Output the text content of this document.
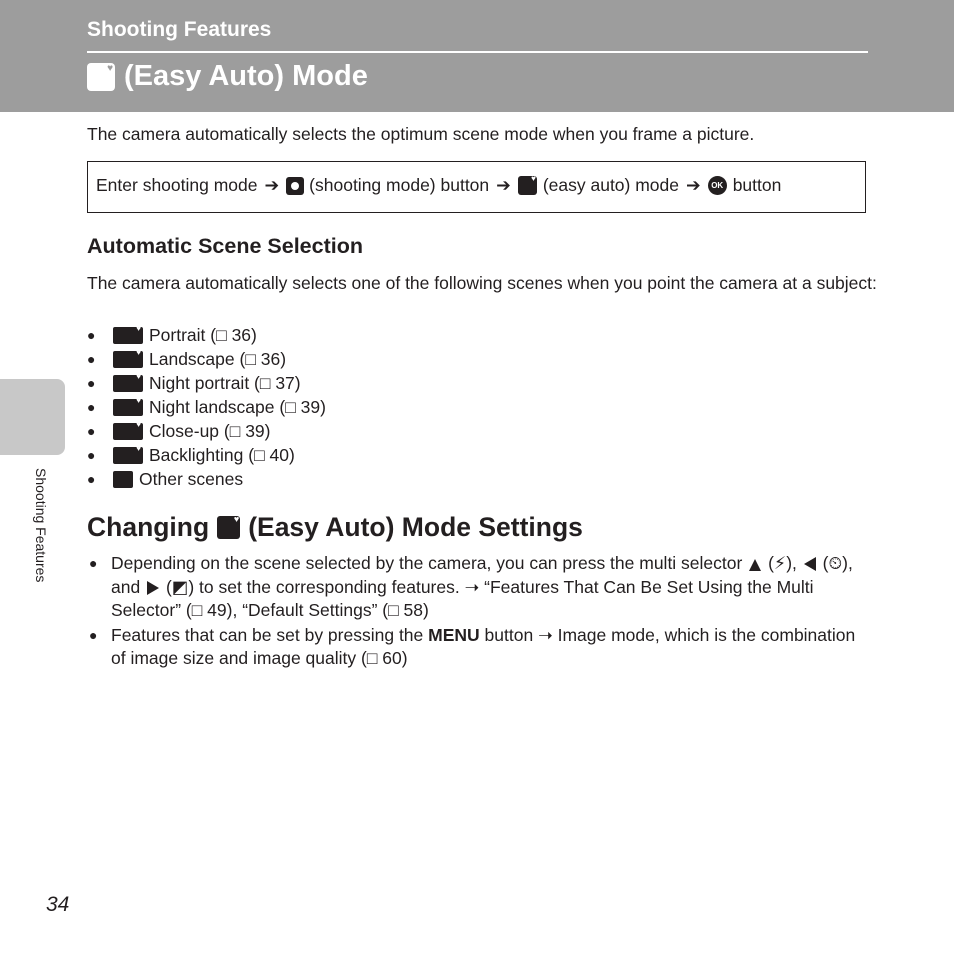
Shooting Features
♥ (Easy Auto) Mode
The camera automatically selects the optimum scene mode when you frame a picture.
Enter shooting mode ➔ (shooting mode) button ➔ ♥ (easy auto) mode ➔	OK button
Automatic Scene Selection
The camera automatically selects one of the following scenes when you point the camera at a subject:
● ♥	Portrait ( □
36 )
● ♥	Landscape ( □
36 )
● ♥	Night portrait ( □
37 )
● ♥	Night landscape ( □
39 )
● ♥	Close-up ( □
39 )
● ♥	Backlighting ( □
40 )
●	Other scenes
Changing ♥ (Easy Auto) Mode Settings
● Depending on the scene selected by the camera, you can press the multi selector (⚡), (⏲), and (◩) to set the corresponding features. ➝ “Features That Can Be Set Using the Multi Selector” (□ 49), “Default Settings” (□ 58)
● Features that can be set by pressing the MENU button ➝ Image mode, which is the combination of image size and image quality (□ 60)
Shooting Features
34
